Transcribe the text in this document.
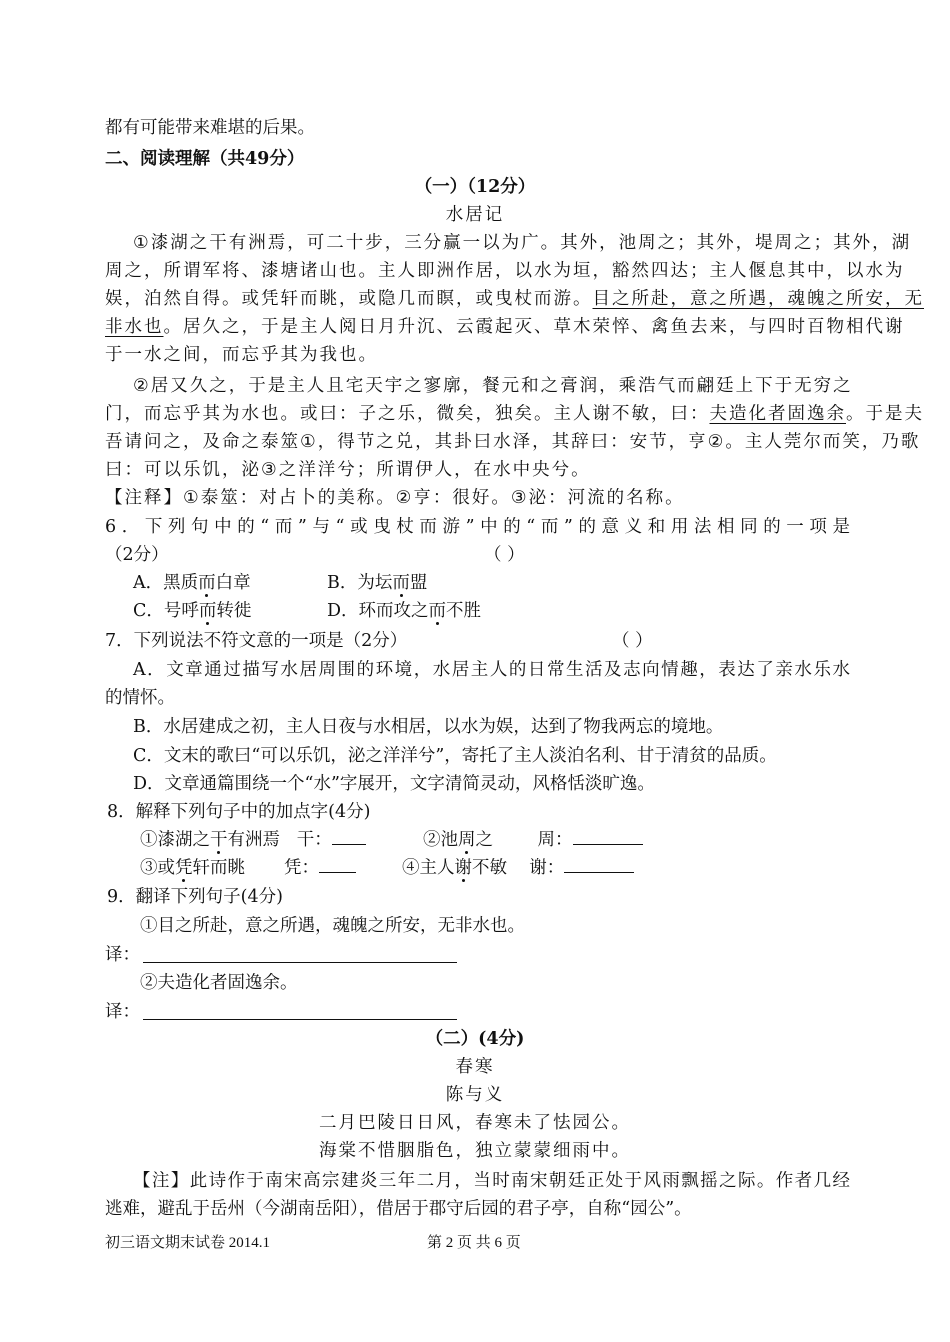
都有可能带来难堪的后果。
二、阅读理解（共49分）
（一）（12分）
水居记
①漆湖之干有洲焉，可二十步，三分赢一以为广。其外，池周之；其外，堤周之；其外，湖
周之，所谓军将、漆塘诸山也。主人即洲作居，以水为垣，豁然四达；主人偃息其中，以水为
娱，泊然自得。或凭轩而眺，或隐几而瞑，或曳杖而游。目之所赴，意之所遇，魂魄之所安，无
非水也。居久之，于是主人阅日月升沉、云霞起灭、草木荣悴、禽鱼去来，与四时百物相代谢
于一水之间，而忘乎其为我也。
②居又久之，于是主人且宅天宇之寥廓，餐元和之膏润，乘浩气而翩廷上下于无穷之
门，而忘乎其为水也。或曰：子之乐，微矣，独矣。主人谢不敏，曰：夫造化者固逸余。于是夫
吾请问之，及命之泰筮①，得节之兑，其卦曰水泽，其辞曰：安节，亨②。主人莞尔而笑，乃歌
曰：可以乐饥，泌③之洋洋兮；所谓伊人，在水中央兮。
【注释】①泰筮：对占卜的美称。②亨：很好。③泌：河流的名称。
6．下列句中的“而”与“或曳杖而游”中的“而”的意义和用法相同的一项是
（2分）	（ ）
A．黑质而白章	B．为坛而盟
C．号呼而转徙	D．环而攻之而不胜
7．下列说法不符文意的一项是（2分）	（ ）
A．文章通过描写水居周围的环境，水居主人的日常生活及志向情趣，表达了亲水乐水
的情怀。
B．水居建成之初，主人日夜与水相居，以水为娱，达到了物我两忘的境地。
C．文末的歌曰“可以乐饥，泌之洋洋兮”，寄托了主人淡泊名利、甘于清贫的品质。
D．文章通篇围绕一个“水”字展开，文字清简灵动，风格恬淡旷逸。
8．解释下列句子中的加点字(4分)
①漆湖之干有洲焉   干：	②池周之        周：
③或凭轩而眺       凭：	④主人谢不敏    谢：
9．翻译下列句子(4分)
①目之所赴，意之所遇，魂魄之所安，无非水也。
译：
②夫造化者固逸余。
译：
（二）(4分)
春寒
陈与义
二月巴陵日日风，春寒未了怯园公。
海棠不惜胭脂色，独立蒙蒙细雨中。
【注】此诗作于南宋高宗建炎三年二月，当时南宋朝廷正处于风雨飘摇之际。作者几经
逃难，避乱于岳州（今湖南岳阳），借居于郡守后园的君子亭，自称“园公”。
初三语文期末试卷 2014.1	第 2 页 共 6 页
